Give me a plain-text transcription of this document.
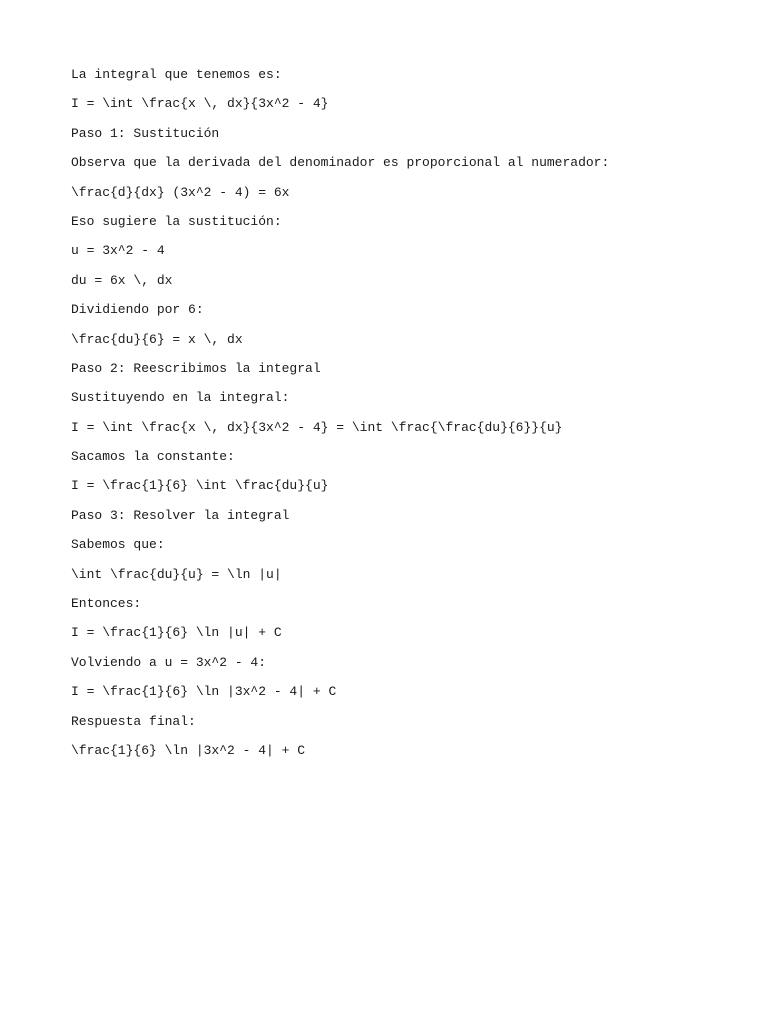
La integral que tenemos es:

I = \int \frac{x \, dx}{3x^2 - 4}

Paso 1: Sustitución

Observa que la derivada del denominador es proporcional al numerador:

\frac{d}{dx} (3x^2 - 4) = 6x

Eso sugiere la sustitución:

u = 3x^2 - 4

du = 6x \, dx

Dividiendo por 6:

\frac{du}{6} = x \, dx

Paso 2: Reescribimos la integral

Sustituyendo en la integral:

I = \int \frac{x \, dx}{3x^2 - 4} = \int \frac{\frac{du}{6}}{u}

Sacamos la constante:

I = \frac{1}{6} \int \frac{du}{u}

Paso 3: Resolver la integral

Sabemos que:

\int \frac{du}{u} = \ln |u|

Entonces:

I = \frac{1}{6} \ln |u| + C

Volviendo a u = 3x^2 - 4:

I = \frac{1}{6} \ln |3x^2 - 4| + C

Respuesta final:

\frac{1}{6} \ln |3x^2 - 4| + C
